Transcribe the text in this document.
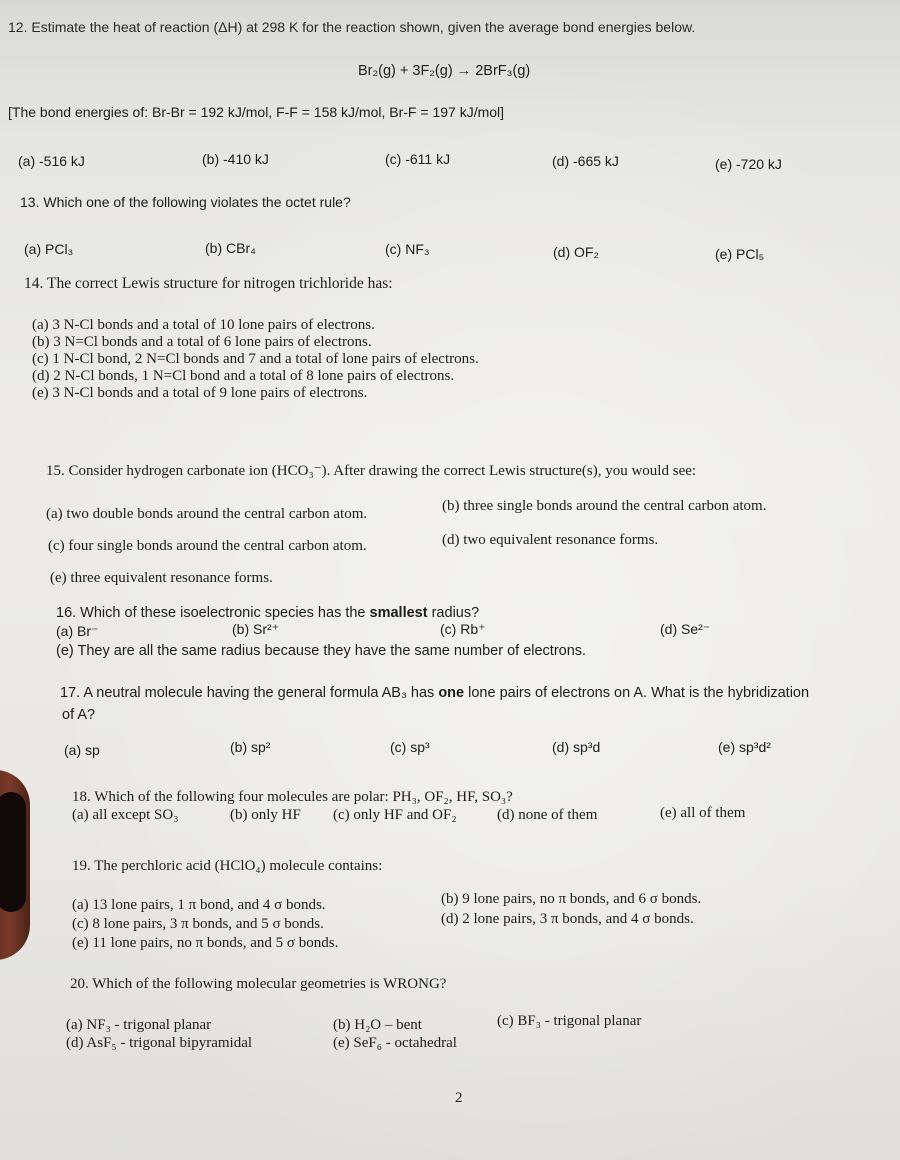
12. Estimate the heat of reaction (ΔH) at 298 K for the reaction shown, given the average bond energies below.
Br₂(g) + 3F₂(g) → 2BrF₃(g)
[The bond energies of: Br-Br = 192 kJ/mol, F-F = 158 kJ/mol, Br-F = 197 kJ/mol]
(a) -516 kJ	(b) -410 kJ	(c) -611 kJ	(d) -665 kJ	(e) -720 kJ
13. Which one of the following violates the octet rule?
(a) PCl₃	(b) CBr₄	(c) NF₃	(d) OF₂	(e) PCl₅
14. The correct Lewis structure for nitrogen trichloride has:
(a) 3 N-Cl bonds and a total of 10 lone pairs of electrons.
(b) 3 N=Cl bonds and a total of 6 lone pairs of electrons.
(c) 1 N-Cl bond, 2 N=Cl bonds and 7 and a total of lone pairs of electrons.
(d) 2 N-Cl bonds, 1 N=Cl bond and a total of 8 lone pairs of electrons.
(e) 3 N-Cl bonds and a total of 9 lone pairs of electrons.
15. Consider hydrogen carbonate ion (HCO₃⁻). After drawing the correct Lewis structure(s), you would see:
(a) two double bonds around the central carbon atom.	(b) three single bonds around the central carbon atom.
(c) four single bonds around the central carbon atom.	(d) two equivalent resonance forms.
(e) three equivalent resonance forms.
16. Which of these isoelectronic species has the smallest radius?
(a) Br⁻	(b) Sr²⁺	(c) Rb⁺	(d) Se²⁻
(e) They are all the same radius because they have the same number of electrons.
17. A neutral molecule having the general formula AB₃ has one lone pairs of electrons on A. What is the hybridization
of A?
(a) sp	(b) sp²	(c) sp³	(d) sp³d	(e) sp³d²
18. Which of the following four molecules are polar: PH₃, OF₂, HF, SO₃?
(a) all except SO₃	(b) only HF (c) only HF and OF₂	(d) none of them	(e) all of them
19. The perchloric acid (HClO₄) molecule contains:
(a) 13 lone pairs, 1 π bond, and 4 σ bonds.	(b) 9 lone pairs, no π bonds, and 6 σ bonds.
(c) 8 lone pairs, 3 π bonds, and 5 σ bonds.	(d) 2 lone pairs, 3 π bonds, and 4 σ bonds.
(e) 11 lone pairs, no π bonds, and 5 σ bonds.
20. Which of the following molecular geometries is WRONG?
(a) NF₃ - trigonal planar	(b) H₂O – bent	(c) BF₃ - trigonal planar
(d) AsF₅ - trigonal bipyramidal	(e) SeF₆ - octahedral
2
